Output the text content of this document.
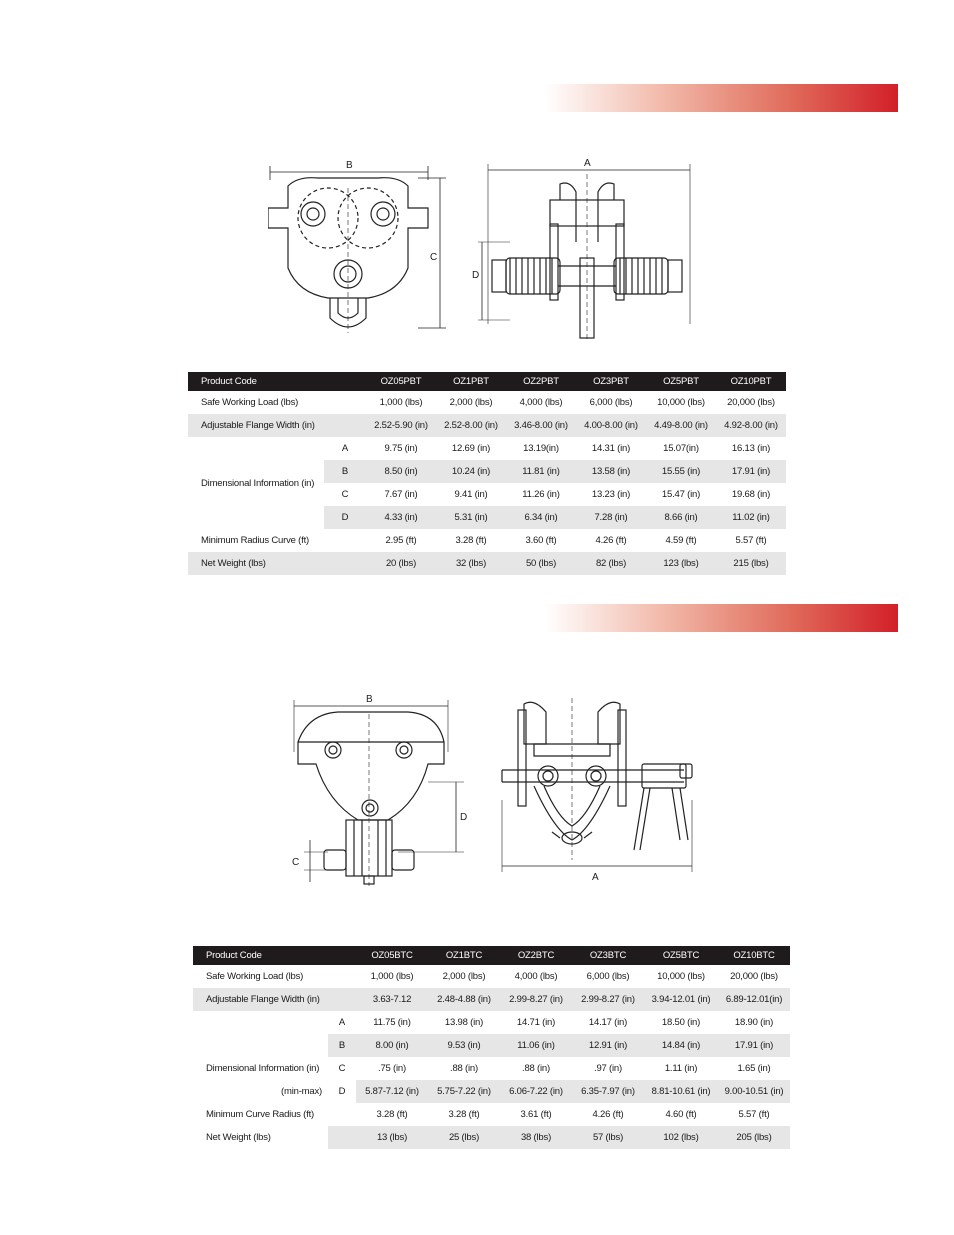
B
C
A
D
Product Code		OZ05PBT	OZ1PBT	OZ2PBT	OZ3PBT	OZ5PBT	OZ10PBT
Safe Working Load (lbs)		1,000 (lbs)	2,000 (lbs)	4,000 (lbs)	6,000 (lbs)	10,000 (lbs)	20,000 (lbs)
Adjustable Flange Width (in)		2.52-5.90 (in)	2.52-8.00 (in)	3.46-8.00 (in)	4.00-8.00 (in)	4.49-8.00 (in)	4.92-8.00 (in)
Dimensional Information (in)	A	9.75 (in)	12.69 (in)	13.19(in)	14.31 (in)	15.07(in)	16.13 (in)
	B	8.50 (in)	10.24 (in)	11.81 (in)	13.58 (in)	15.55 (in)	17.91 (in)
	C	7.67 (in)	9.41 (in)	11.26 (in)	13.23 (in)	15.47 (in)	19.68 (in)
	D	4.33 (in)	5.31 (in)	6.34 (in)	7.28 (in)	8.66 (in)	11.02 (in)
Minimum Radius Curve (ft)		2.95 (ft)	3.28 (ft)	3.60 (ft)	4.26 (ft)	4.59 (ft)	5.57 (ft)
Net Weight (lbs)		20 (lbs)	32 (lbs)	50 (lbs)	82 (lbs)	123 (lbs)	215 (lbs)
B
D
C
A
Product Code		OZ05BTC	OZ1BTC	OZ2BTC	OZ3BTC	OZ5BTC	OZ10BTC
Safe Working Load (lbs)		1,000 (lbs)	2,000 (lbs)	4,000 (lbs)	6,000 (lbs)	10,000 (lbs)	20,000 (lbs)
Adjustable Flange Width (in)		3.63-7.12	2.48-4.88 (in)	2.99-8.27 (in)	2.99-8.27 (in)	3.94-12.01 (in)	6.89-12.01(in)
	A	11.75 (in)	13.98 (in)	14.71 (in)	14.17 (in)	18.50 (in)	18.90 (in)
	B	8.00 (in)	9.53 (in)	11.06 (in)	12.91 (in)	14.84 (in)	17.91 (in)
Dimensional Information (in)	C	.75 (in)	.88 (in)	.88 (in)	.97 (in)	1.11 (in)	1.65 (in)
(min-max)	D	5.87-7.12 (in)	5.75-7.22 (in)	6.06-7.22 (in)	6.35-7.97 (in)	8.81-10.61 (in)	9.00-10.51 (in)
Minimum Curve Radius (ft)		3.28 (ft)	3.28 (ft)	3.61 (ft)	4.26 (ft)	4.60 (ft)	5.57 (ft)
Net Weight (lbs)		13 (lbs)	25 (lbs)	38 (lbs)	57 (lbs)	102 (lbs)	205 (lbs)
